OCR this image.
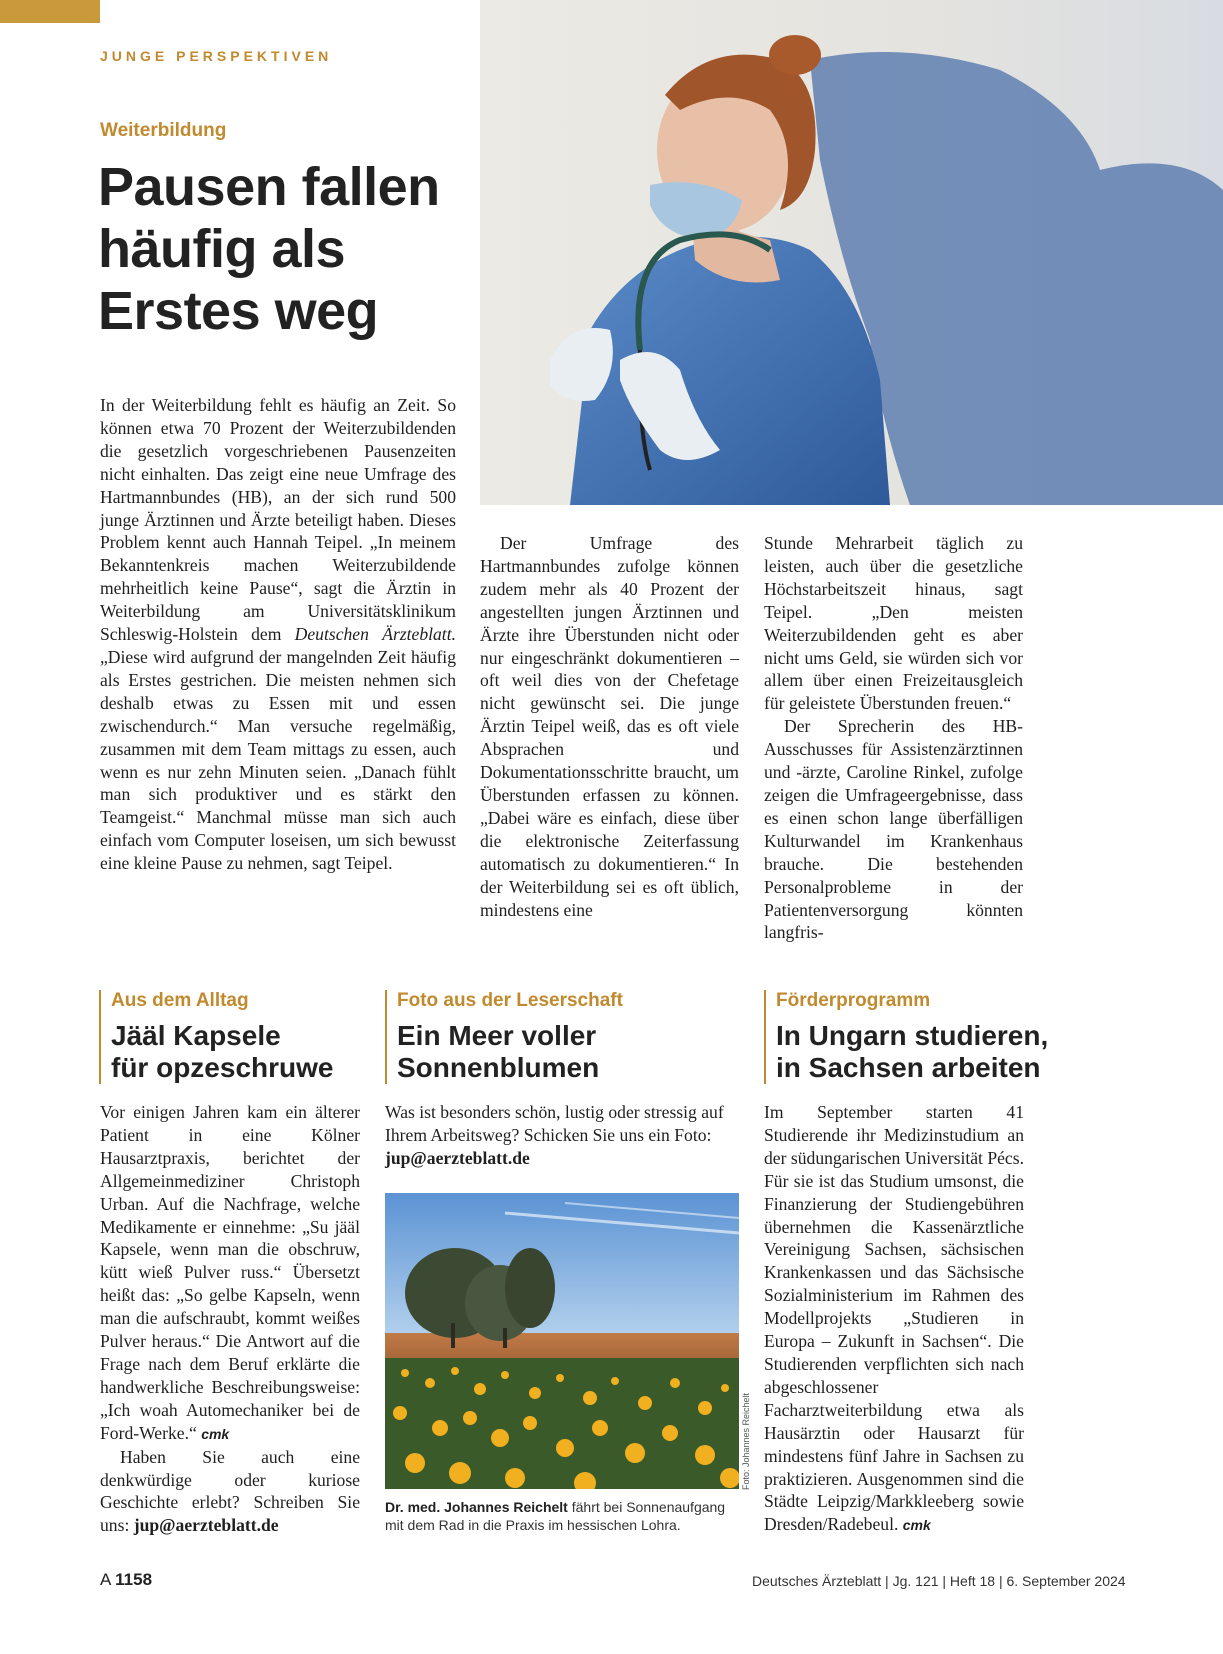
JUNGE PERSPEKTIVEN
Weiterbildung
Pausen fallen
häufig als
Erstes weg

In der Weiterbildung fehlt es häufig an Zeit. So können etwa 70 Prozent der Weiterzubildenden die gesetzlich vorgeschriebenen Pausenzeiten nicht einhalten. Das zeigt eine neue Umfrage des Hartmannbundes (HB), an der sich rund 500 junge Ärztinnen und Ärzte beteiligt haben. Dieses Problem kennt auch Hannah Teipel. „In meinem Bekanntenkreis machen Weiterzubildende mehrheitlich keine Pause“, sagt die Ärztin in Weiterbildung am Universitätsklinikum Schleswig-Holstein dem Deutschen Ärzteblatt. „Diese wird aufgrund der mangelnden Zeit häufig als Erstes gestrichen. Die meisten nehmen sich deshalb etwas zu Essen mit und essen zwischendurch.“ Man versuche regelmäßig, zusammen mit dem Team mittags zu essen, auch wenn es nur zehn Minuten seien. „Danach fühlt man sich produktiver und es stärkt den Teamgeist.“ Manchmal müsse man sich auch einfach vom Computer loseisen, um sich bewusst eine kleine Pause zu nehmen, sagt Teipel.

Der Umfrage des Hartmannbundes zufolge können zudem mehr als 40 Prozent der angestellten jungen Ärztinnen und Ärzte ihre Überstunden nicht oder nur eingeschränkt dokumentieren – oft weil dies von der Chefetage nicht gewünscht sei. Die junge Ärztin Teipel weiß, das es oft viele Absprachen und Dokumentationsschritte braucht, um Überstunden erfassen zu können. „Dabei wäre es einfach, diese über die elektronische Zeiterfassung automatisch zu dokumentieren.“ In der Weiterbildung sei es oft üblich, mindestens eine

Stunde Mehrarbeit täglich zu leisten, auch über die gesetzliche Höchstarbeitszeit hinaus, sagt Teipel. „Den meisten Weiterzubildenden geht es aber nicht ums Geld, sie würden sich vor allem über einen Freizeitausgleich für geleistete Überstunden freuen.“

Der Sprecherin des HB-Ausschusses für Assistenzärztinnen und -ärzte, Caroline Rinkel, zufolge zeigen die Umfrageergebnisse, dass es einen schon lange überfälligen Kulturwandel im Krankenhaus brauche. Die bestehenden Personalprobleme in der Patientenversorgung könnten langfris-

Aus dem Alltag
Jääl Kapsele
für opzeschruwe

Vor einigen Jahren kam ein älterer Patient in eine Kölner Hausarztpraxis, berichtet der Allgemeinmediziner Christoph Urban. Auf die Nachfrage, welche Medikamente er einnehme: „Su jääl Kapsele, wenn man die obschruw, kütt wieß Pulver russ.“ Übersetzt heißt das: „So gelbe Kapseln, wenn man die aufschraubt, kommt weißes Pulver heraus.“ Die Antwort auf die Frage nach dem Beruf erklärte die handwerkliche Beschreibungsweise: „Ich woah Automechaniker bei de Ford-Werke.“ cmk

Haben Sie auch eine denkwürdige oder kuriose Geschichte erlebt? Schreiben Sie uns: jup@aerzteblatt.de

Foto aus der Leserschaft
Ein Meer voller
Sonnenblumen
Was ist besonders schön, lustig oder stressig auf Ihrem Arbeitsweg? Schicken Sie uns ein Foto: jup@aerzteblatt.de
Foto: Johannes Reichelt
Dr. med. Johannes Reichelt fährt bei Sonnenaufgang mit dem Rad in die Praxis im hessischen Lohra.
Förderprogramm
In Ungarn studieren,
in Sachsen arbeiten
Im September starten 41 Studierende ihr Medizinstudium an der südungarischen Universität Pécs. Für sie ist das Studium umsonst, die Finanzierung der Studiengebühren übernehmen die Kassenärztliche Vereinigung Sachsen, sächsischen Krankenkassen und das Sächsische Sozialministerium im Rahmen des Modellprojekts „Studieren in Europa – Zukunft in Sachsen“. Die Studierenden verpflichten sich nach abgeschlossener Facharztweiterbildung etwa als Hausärztin oder Hausarzt für mindestens fünf Jahre in Sachsen zu praktizieren. Ausgenommen sind die Städte Leipzig/Markkleeberg sowie Dresden/Radebeul. cmk
A 1158	Deutsches Ärzteblatt | Jg. 121 | Heft 18 | 6. September 2024
